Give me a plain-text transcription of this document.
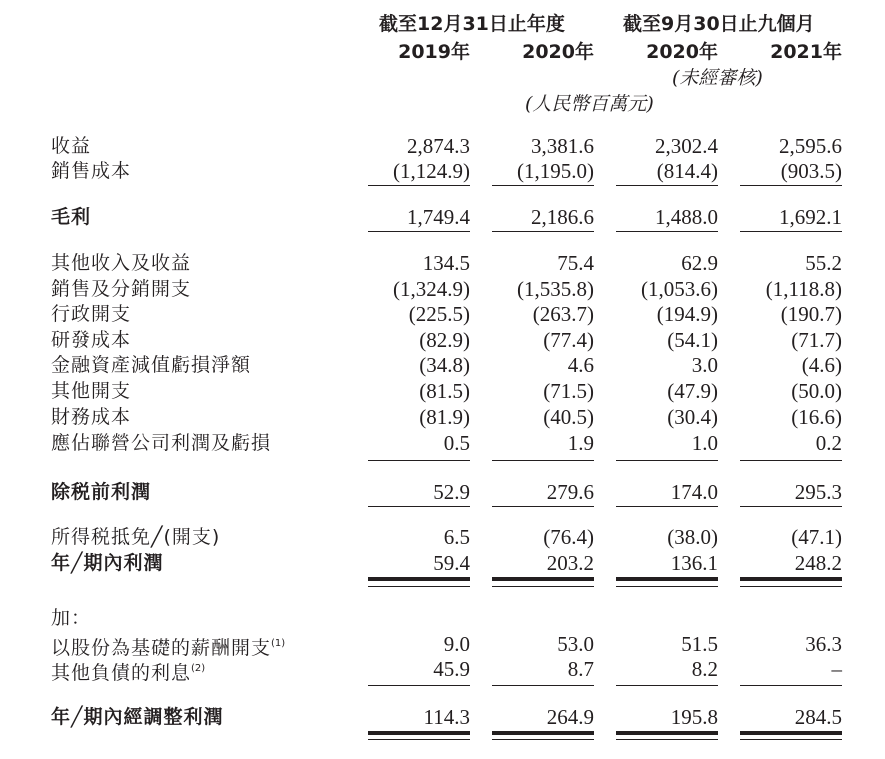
截至12月31日止年度	截至9月30日止九個月
2019年	2020年	2020年	2021年
(未經審核)
(人民幣百萬元)
收益	2,874.3	3,381.6	2,302.4	2,595.6
銷售成本	(1,124.9)	(1,195.0)	(814.4)	(903.5)
毛利	1,749.4	2,186.6	1,488.0	1,692.1
其他收入及收益	134.5	75.4	62.9	55.2
銷售及分銷開支	(1,324.9)	(1,535.8)	(1,053.6)	(1,118.8)
行政開支	(225.5)	(263.7)	(194.9)	(190.7)
研發成本	(82.9)	(77.4)	(54.1)	(71.7)
金融資產減值虧損淨額	(34.8)	4.6	3.0	(4.6)
其他開支	(81.5)	(71.5)	(47.9)	(50.0)
財務成本	(81.9)	(40.5)	(30.4)	(16.6)
應佔聯營公司利潤及虧損	0.5	1.9	1.0	0.2
除税前利潤	52.9	279.6	174.0	295.3
所得税抵免╱(開支)	6.5	(76.4)	(38.0)	(47.1)
年╱期內利潤	59.4	203.2	136.1	248.2
加：
以股份為基礎的薪酬開支$^{(1)}$	9.0	53.0	51.5	36.3
其他負債的利息$^{(2)}$	45.9	8.7	8.2	–
年╱期內經調整利潤	114.3	264.9	195.8	284.5
